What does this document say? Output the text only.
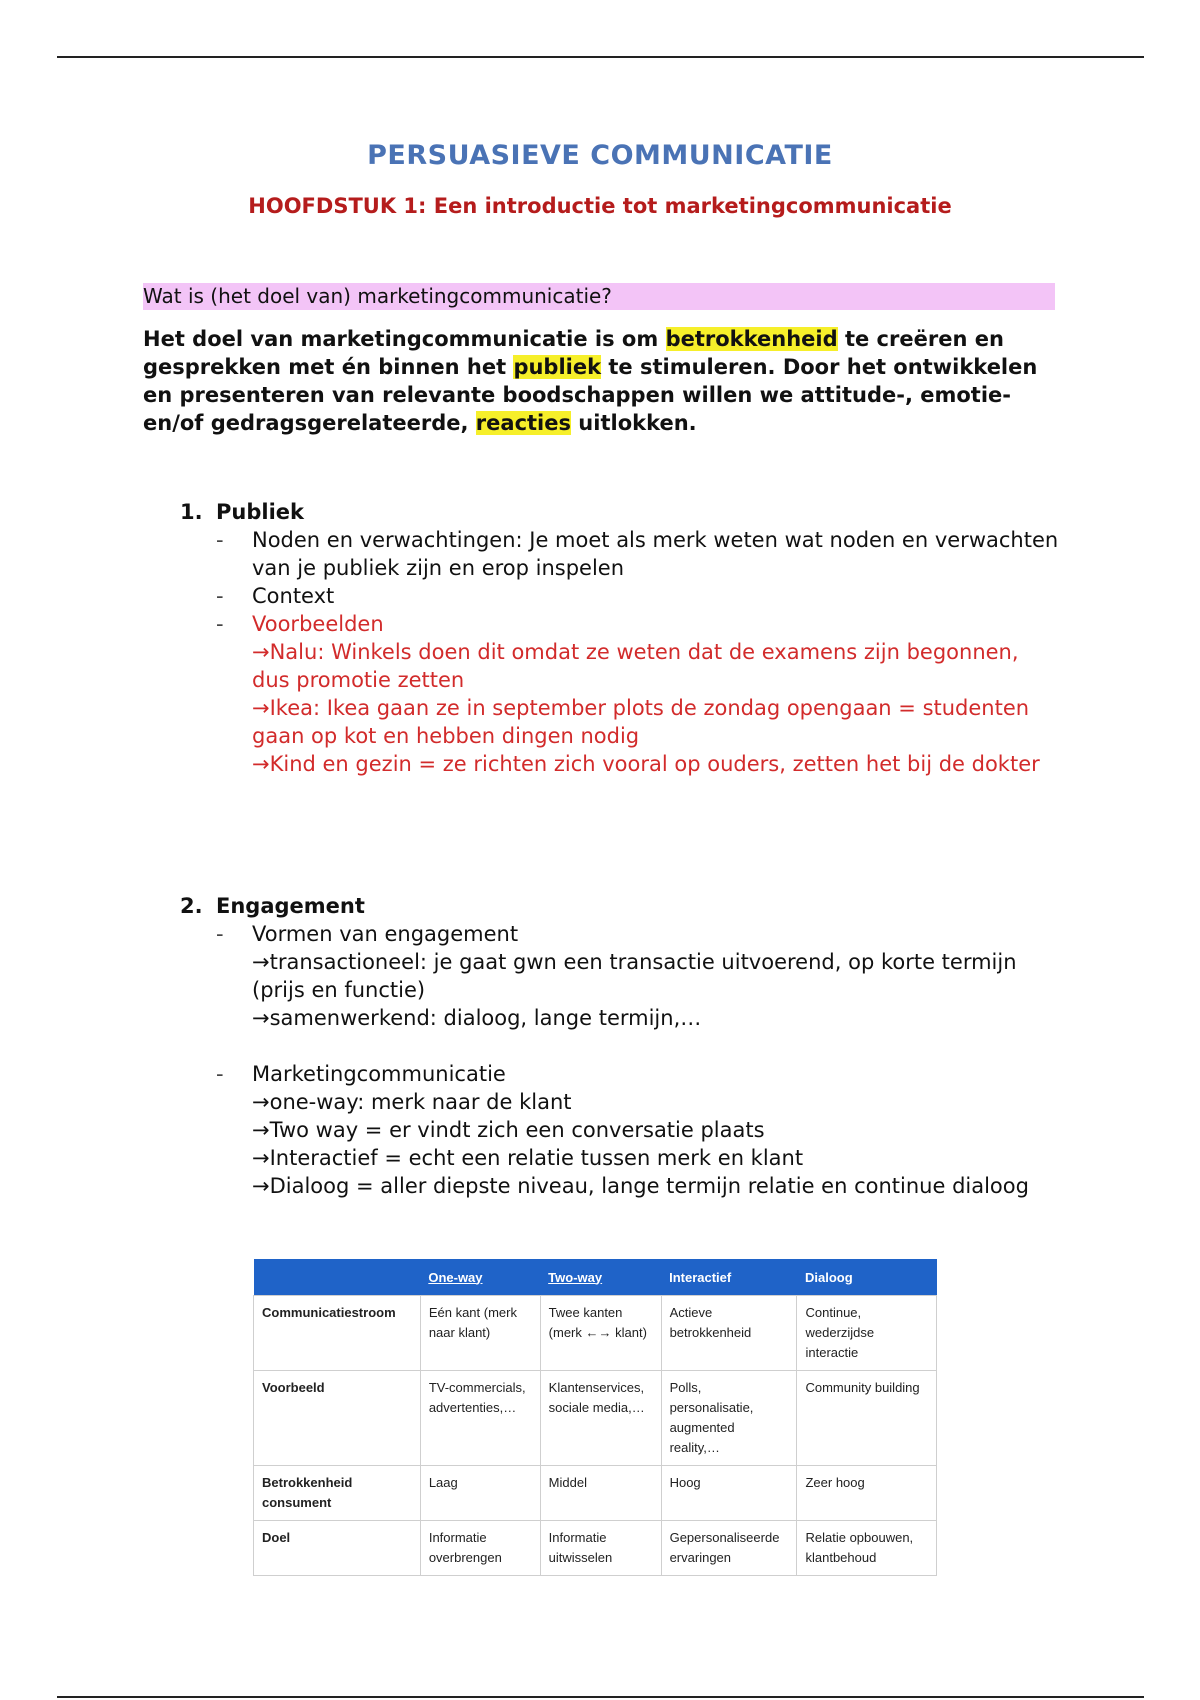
PERSUASIEVE COMMUNICATIE
HOOFDSTUK 1: Een introductie tot marketingcommunicatie
Wat is (het doel van) marketingcommunicatie?
Het doel van marketingcommunicatie is om betrokkenheid te creëren en gesprekken met én binnen het publiek te stimuleren. Door het ontwikkelen en presenteren van relevante boodschappen willen we attitude-, emotie- en/of gedragsgerelateerde, reacties uitlokken.
1. Publiek
- Noden en verwachtingen: Je moet als merk weten wat noden en verwachten van je publiek zijn en erop inspelen
- Context
- Voorbeelden
→Nalu: Winkels doen dit omdat ze weten dat de examens zijn begonnen, dus promotie zetten
→Ikea: Ikea gaan ze in september plots de zondag opengaan = studenten gaan op kot en hebben dingen nodig
→Kind en gezin = ze richten zich vooral op ouders, zetten het bij de dokter
2. Engagement
- Vormen van engagement
→transactioneel: je gaat gwn een transactie uitvoerend, op korte termijn (prijs en functie)
→samenwerkend: dialoog, lange termijn,…
- Marketingcommunicatie
→one-way: merk naar de klant
→Two way = er vindt zich een conversatie plaats
→Interactief = echt een relatie tussen merk en klant
→Dialoog = aller diepste niveau, lange termijn relatie en continue dialoog
	One-way	Two-way	Interactief	Dialoog
Communicatiestroom	Eén kant (merk naar klant)	Twee kanten (merk ←→ klant)	Actieve betrokkenheid	Continue, wederzijdse interactie
Voorbeeld	TV-commercials, advertenties,…	Klantenservices, sociale media,…	Polls, personalisatie, augmented reality,…	Community building
Betrokkenheid consument	Laag	Middel	Hoog	Zeer hoog
Doel	Informatie overbrengen	Informatie uitwisselen	Gepersonaliseerde ervaringen	Relatie opbouwen, klantbehoud
